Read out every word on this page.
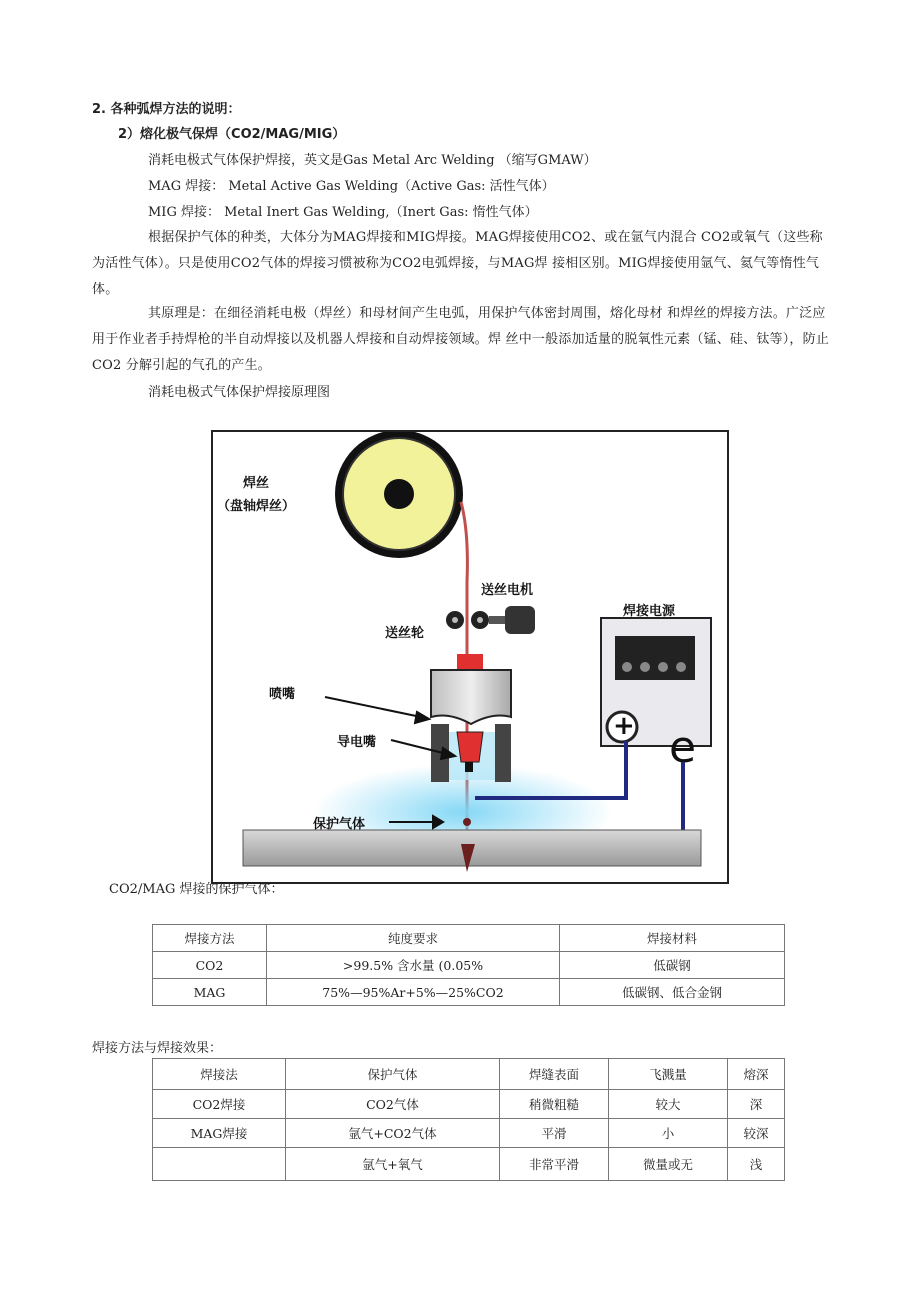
2. 各种弧焊方法的说明：
2）熔化极气保焊（CO2/MAG/MIG）
消耗电极式气体保护焊接，英文是Gas Metal Arc Welding （缩写GMAW）
MAG 焊接： Metal Active Gas Welding（Active Gas: 活性气体）
MIG 焊接： Metal Inert Gas Welding,（Inert Gas: 惰性气体）
根据保护气体的种类，大体分为MAG焊接和MIG焊接。MAG焊接使用CO2、或在氩气内混合 CO2或氧气（这些称为活性气体）。只是使用CO2气体的焊接习惯被称为CO2电弧焊接，与MAG焊 接相区别。MIG焊接使用氩气、氦气等惰性气体。
其原理是：在细径消耗电极（焊丝）和母材间产生电弧，用保护气体密封周围，熔化母材 和焊丝的焊接方法。广泛应用于作业者手持焊枪的半自动焊接以及机器人焊接和自动焊接领域。焊 丝中一般添加适量的脱氧性元素（锰、硅、钛等），防止 CO2 分解引起的气孔的产生。
消耗电极式气体保护焊接原理图
+ e
焊丝
（盘轴焊丝）
送丝电机
送丝轮
焊接电源
喷嘴
导电嘴
保护气体
CO2/MAG 焊接的保护气体：
焊接方法	纯度要求	焊接材料
CO2	>99.5% 含水量 (0.05%	低碳钢
MAG	75%—95%Ar+5%—25%CO2	低碳钢、低合金钢
焊接方法与焊接效果：
焊接法	保护气体	焊缝表面	飞溅量	熔深
CO2焊接	CO2气体	稍微粗糙	较大	深
MAG焊接	氩气+CO2气体	平滑	小	较深
	氩气+氧气	非常平滑	微量或无	浅
